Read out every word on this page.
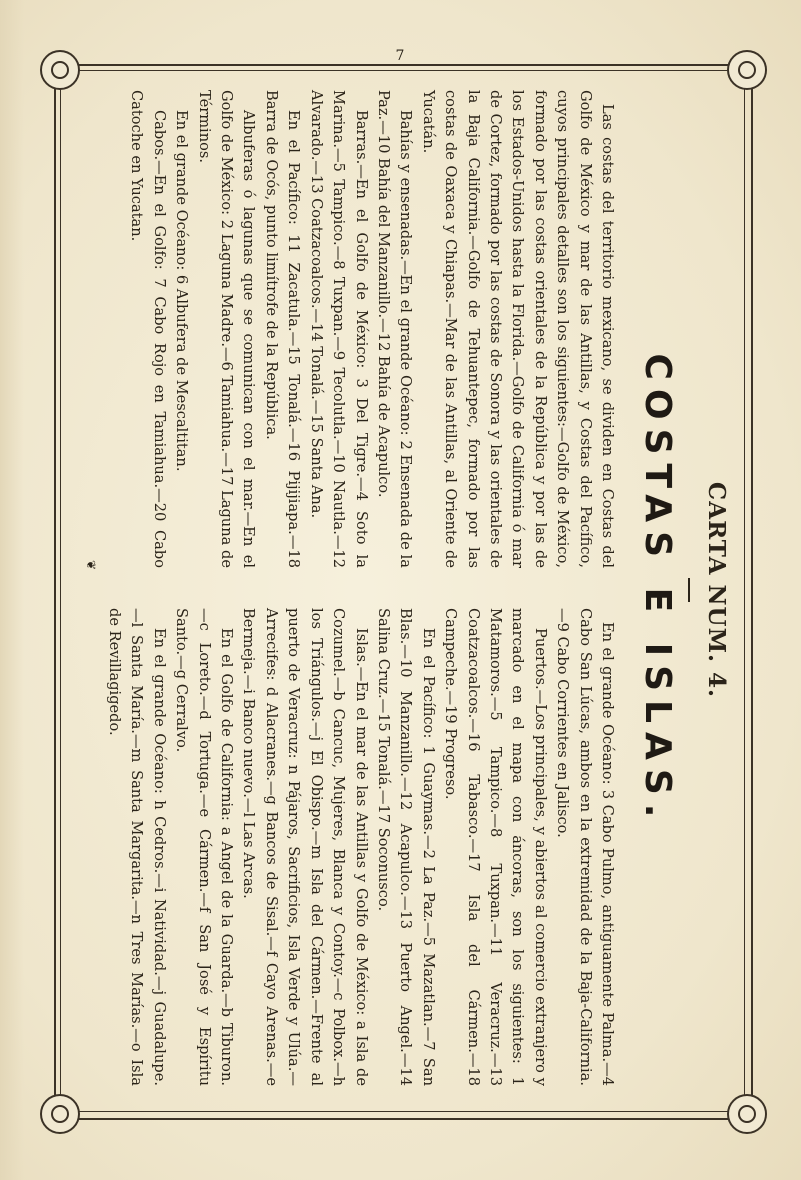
7
CARTA NUM. 4.
COSTAS E ISLAS.

Las costas del territorio mexicano, se dividen en Costas del Golfo de México y mar de las Antillas, y Costas del Pacífico, cuyos principales detalles son los siguientes:—Golfo de México, formado por las costas orientales de la República y por las de los Estados-Unidos hasta la Florida.—Golfo de California ó mar de Cortez, formado por las costas de Sonora y las orientales de la Baja California.—Golfo de Tehuantepec, formado por las costas de Oaxaca y Chiapas.—Mar de las Antillas, al Oriente de Yucatán.

Bahías y ensenadas.—En el grande Océano: 2 Ensenada de la Paz.—10 Bahía del Manzanillo.—12 Bahía de Acapulco.

Barras.—En el Golfo de México: 3 Del Tigre.—4 Soto la Marina.—5 Tampico.—8 Tuxpan.—9 Tecolutla.—10 Nautla.—12 Alvarado.—13 Coatzacoalcos.—14 Tonalá.—15 Santa Ana.

En el Pacífico: 11 Zacatula.—15 Tonalá.—16 Pijijiapa.—18 Barra de Ocós, punto limítrofe de la República.

Albuferas ó lagunas que se comunican con el mar.—En el Golfo de México: 2 Laguna Madre.—6 Tamiahua.—17 Laguna de Términos.

En el grande Océano: 6 Albufera de Mescaltitan.

Cabos.—En el Golfo: 7 Cabo Rojo en Tamiahua.—20 Cabo Catoche en Yucatan.

En el grande Océano: 3 Cabo Pulmo, antiguamente Palma.—4 Cabo San Lúcas, ambos en la extremidad de la Baja-California.—9 Cabo Corrientes en Jalisco.

Puertos.—Los principales, y abiertos al comercio extranjero y marcado en el mapa con áncoras, son los siguientes: 1 Matamoros.—5 Tampico.—8 Tuxpan.—11 Veracruz.—13 Coatzacoalcos.—16 Tabasco.—17 Isla del Cármen.—18 Campeche.—19 Progreso.

En el Pacífico: 1 Guaymas.—2 La Paz.—5 Mazatlan.—7 San Blas.—10 Manzanillo.—12 Acapulco.—13 Puerto Angel.—14 Salina Cruz.—15 Tonalá.—17 Soconusco.

Islas.—En el mar de las Antillas y Golfo de México: a Isla de Cozumel.—b Cancuc, Mujeres, Blanca y Contoy.—c Polbox.—h los Triángulos.—j El Obispo.—m Isla del Cármen.—Frente al puerto de Veracruz: n Pájaros, Sacrificios, Isla Verde y Ulúa.—Arrecifes: d Alacranes.—g Bancos de Sisal.—f Cayo Arenas.—e Bermeja.—i Banco nuevo.—l Las Arcas.

En el Golfo de California: a Angel de la Guarda.—b Tiburon.—c Loreto.—d Tortuga.—e Cármen.—f San José y Espíritu Santo.—g Cerralvo.

En el grande Océano: h Cedros.—i Natividad.—j Guadalupe.—l Santa María.—m Santa Margarita.—n Tres Marías.—o Isla de Revillagigedo.

❦
